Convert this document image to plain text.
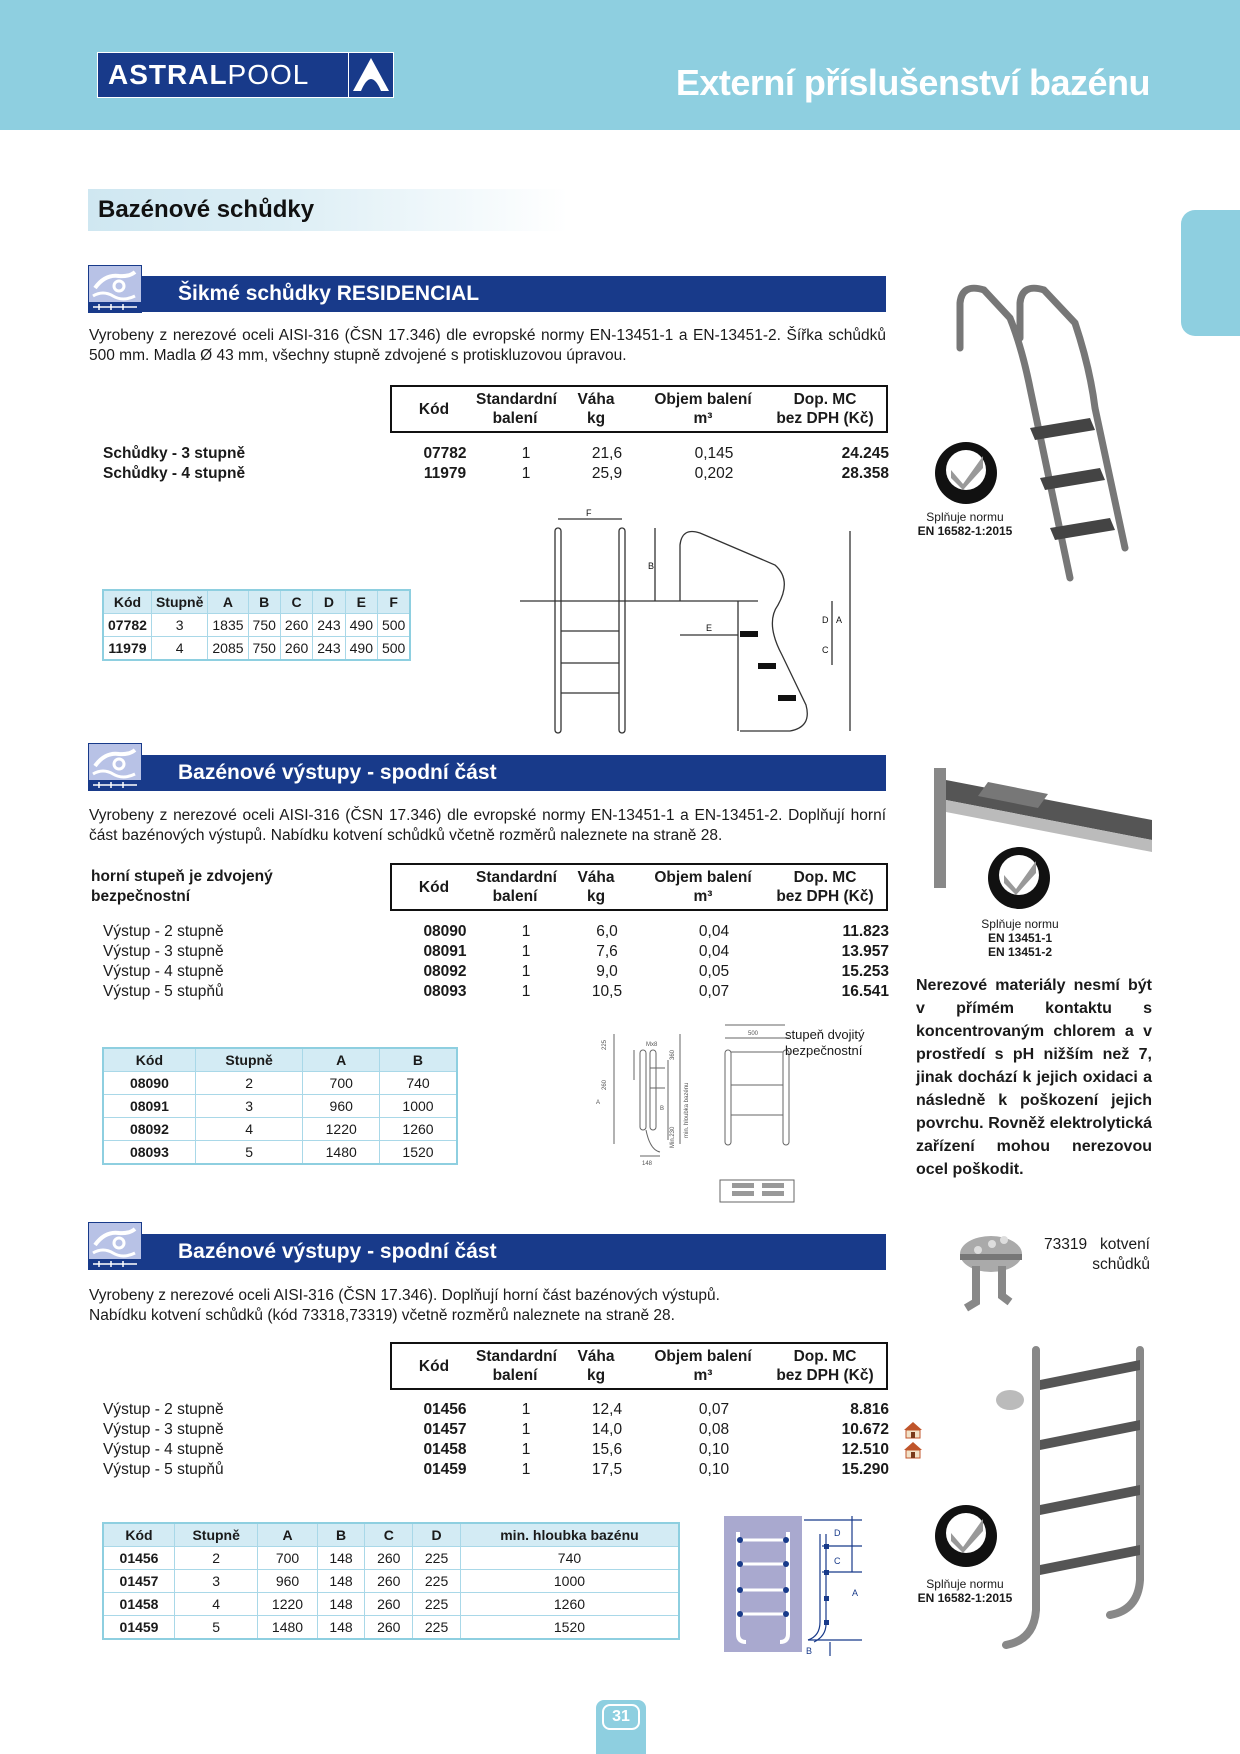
ASTRALPOOL	Externí příslušenství bazénu
Bazénové schůdky
Šikmé schůdky RESIDENCIAL
Vyrobeny z nerezové oceli AISI-316 (ČSN 17.346) dle evropské normy EN-13451-1 a EN-13451-2. Šířka schůdků 500 mm. Madla Ø 43 mm, všechny stupně zdvojené s protiskluzovou úpravou.
Kód
Standardní
balení
Váha
kg
Objem balení
m³
Dop. MC
bez DPH (Kč)
Schůdky - 3 stupně	07782	1	21,6	0,145	24.245
Schůdky - 4 stupně	11979	1	25,9	0,202	28.358
Kód	Stupně	A	B	C	D	E	F
07782	3	1835	750	260	243	490	500
11979	4	2085	750	260	243	490	500
F
B
E
D
C
A
Splňuje normu
EN 16582-1:2015
Bazénové výstupy - spodní část
Vyrobeny z nerezové oceli AISI-316 (ČSN 17.346) dle evropské normy EN-13451-1 a EN-13451-2. Doplňují horní část bazénových výstupů. Nabídku kotvení schůdků včetně rozměrů naleznete na straně 28.
horní stupeň je zdvojený
bezpečnostní
Kód
Standardní
balení
Váha
kg
Objem balení
m³
Dop. MC
bez DPH (Kč)
Výstup - 2 stupně	08090	1	6,0	0,04	11.823
Výstup - 3 stupně	08091	1	7,6	0,04	13.957
Výstup - 4 stupně	08092	1	9,0	0,05	15.253
Výstup - 5 stupňů	08093	1	10,5	0,07	16.541
Kód	Stupně	A	B
08090	2	700	740
08091	3	960	1000
08092	4	1220	1260
08093	5	1480	1520
225
260
360
500
148
Min.230
Mx8
A
B	min. hloubka bazénu
stupeň dvojitý
bezpečnostní
Splňuje normu
EN 13451-1
EN 13451-2
Nerezové materiály nesmí být v přímém kontaktu s koncentrovaným chlorem a v prostředí s pH nižším než 7, jinak dochází k jejich oxidaci a následně k poškození jejich povrchu. Rovněž elektrolytická zařízení mohou nerezovou ocel poškodit.
Bazénové výstupy - spodní část
Vyrobeny z nerezové oceli AISI-316 (ČSN 17.346). Doplňují horní část bazénových výstupů.
Nabídku kotvení schůdků (kód 73318,73319) včetně rozměrů naleznete na straně 28.
73319 kotvení
schůdků
Kód
Standardní
balení
Váha
kg
Objem balení
m³
Dop. MC
bez DPH (Kč)
Výstup - 2 stupně	01456	1	12,4	0,07	8.816
Výstup - 3 stupně	01457	1	14,0	0,08	10.672
Výstup - 4 stupně	01458	1	15,6	0,10	12.510
Výstup - 5 stupňů	01459	1	17,5	0,10	15.290
Kód	Stupně	A	B	C	D	min. hloubka bazénu
01456	2	700	148	260	225	740
01457	3	960	148	260	225	1000
01458	4	1220	148	260	225	1260
01459	5	1480	148	260	225	1520
D
C
A
B
Splňuje normu
EN 16582-1:2015
31
